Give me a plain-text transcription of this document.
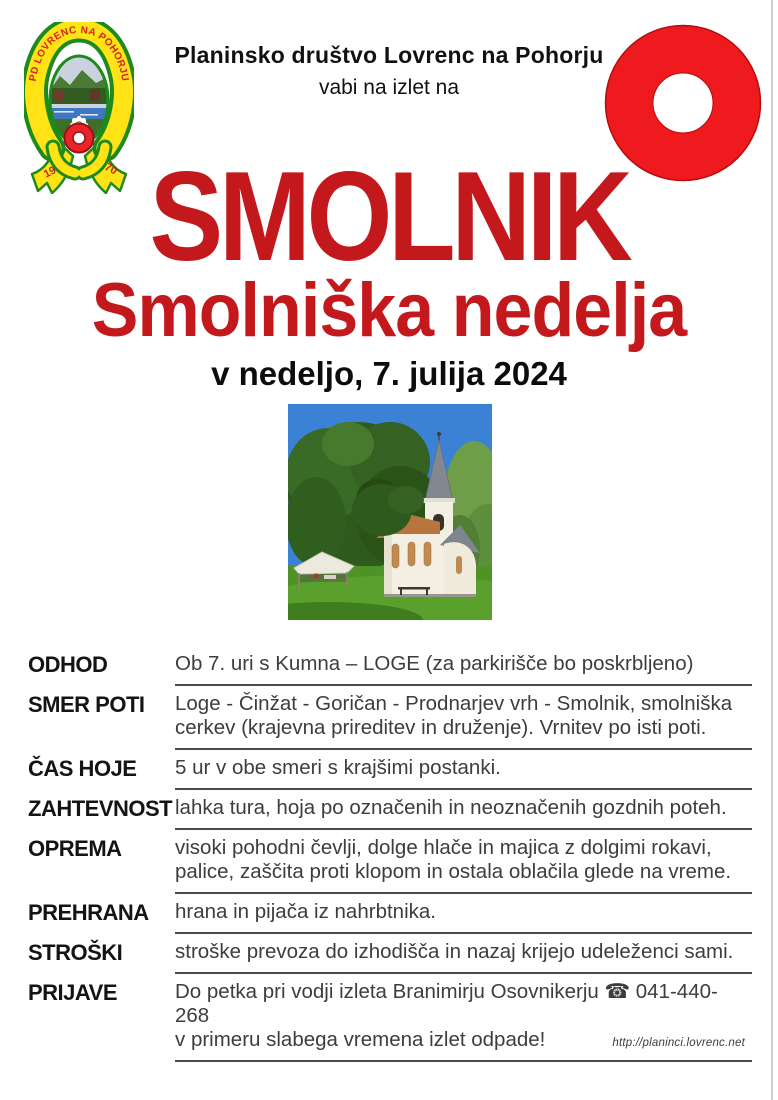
19	70
PD LOVRENC NA POHORJU
Planinsko društvo Lovrenc na Pohorju
vabi na izlet na
SMOLNIK
Smolniška nedelja
v nedeljo, 7. julija 2024
ODHOD	Ob 7. uri s Kumna – LOGE (za parkirišče bo poskrbljeno)
SMER POTI	Loge - Činžat - Goričan - Prodnarjev vrh - Smolnik, smolniška
cerkev (krajevna prireditev in druženje). Vrnitev po isti poti.
ČAS HOJE	5 ur v obe smeri s krajšimi postanki.
ZAHTEVNOST lahka tura, hoja po označenih in neoznačenih gozdnih poteh.
OPREMA	visoki pohodni čevlji, dolge hlače in majica z dolgimi rokavi,
palice, zaščita proti klopom in ostala oblačila glede na vreme.
PREHRANA	hrana in pijača iz nahrbtnika.
STROŠKI	stroške prevoza do izhodišča in nazaj krijejo udeleženci sami.
PRIJAVE	Do petka pri vodji izleta Branimirju Osovnikerju ☎ 041-440-268
v primeru slabega vremena izlet odpade!	http://planinci.lovrenc.net
